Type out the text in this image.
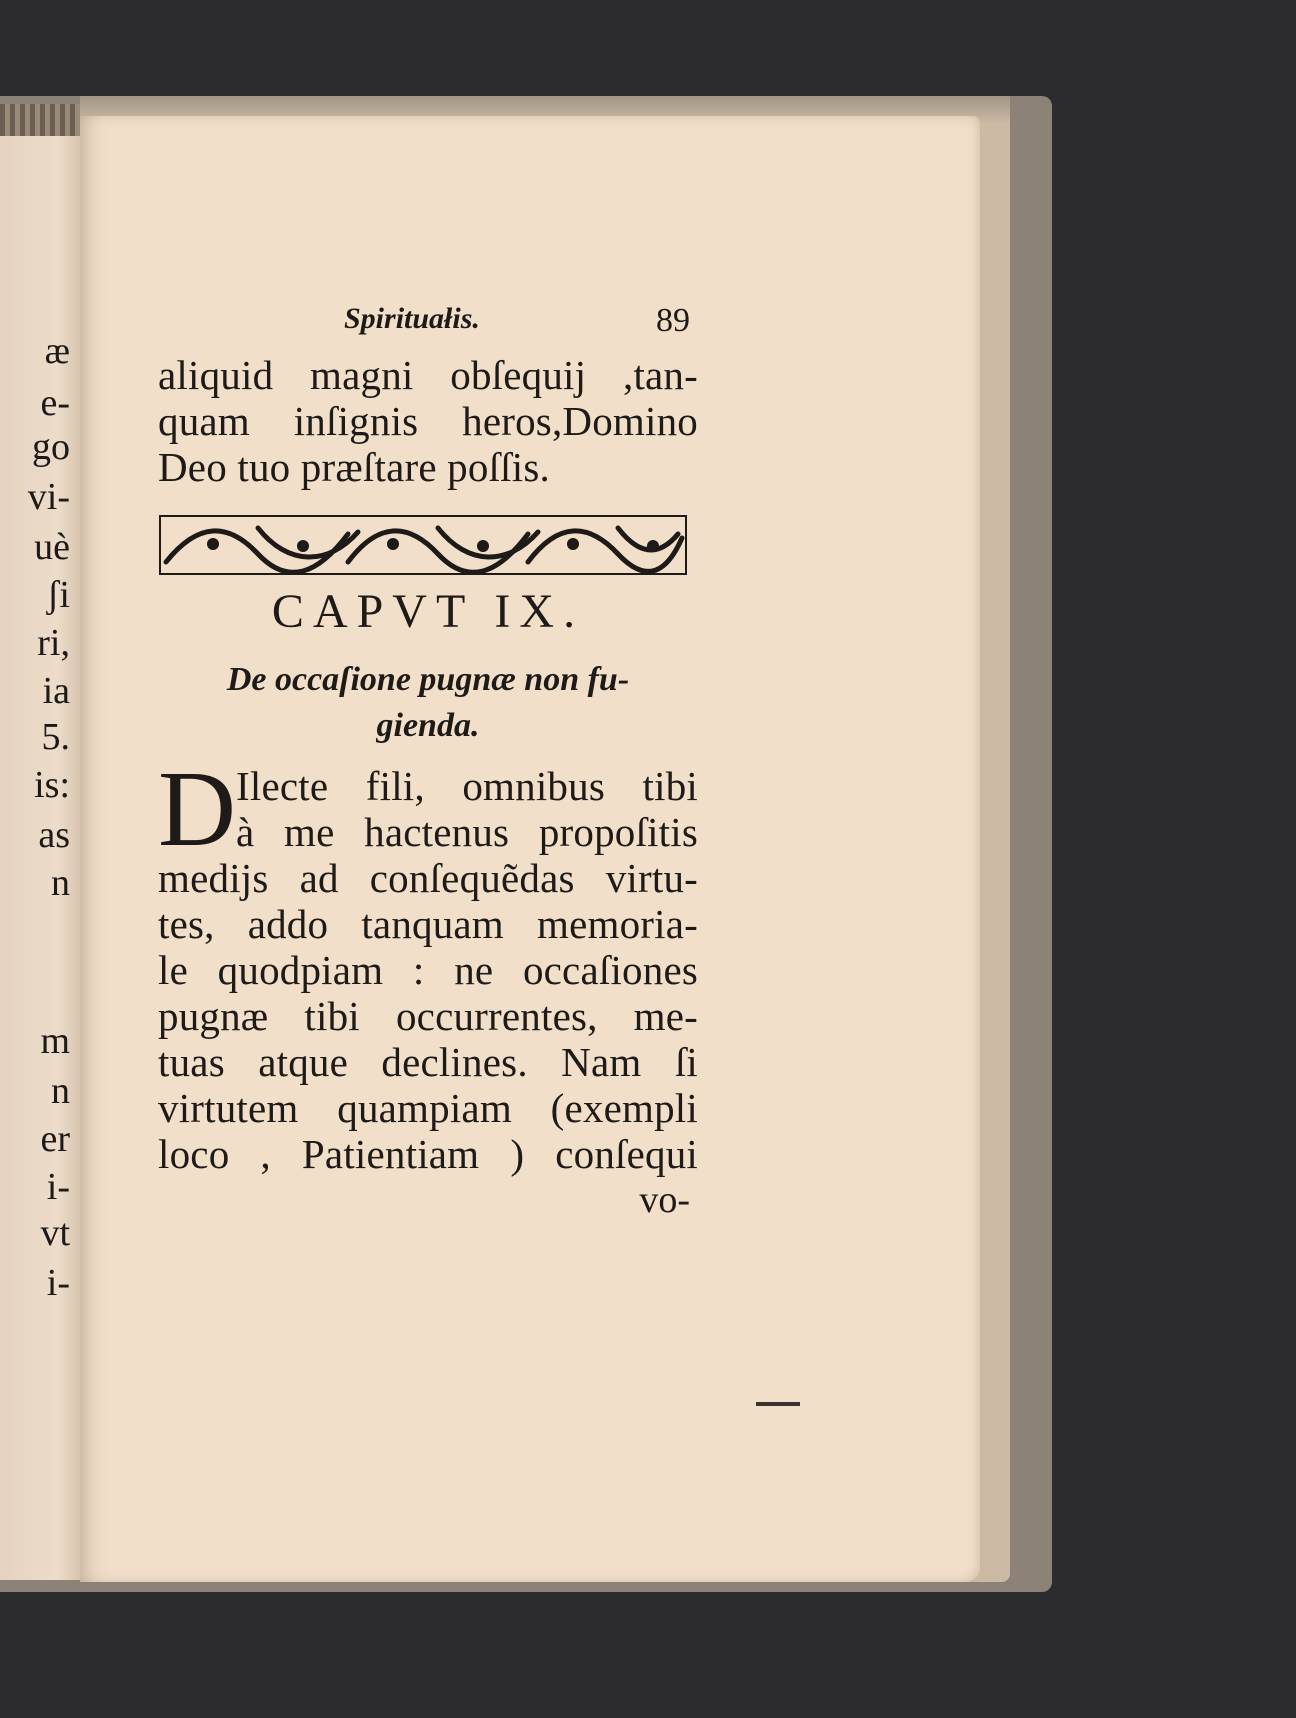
æ
e-
go
vi-
uè
ʃi
ri,
ia
5.
is:
as
n
m
n
er
i-
vt
i-
Spirituałis.	89
aliquid magni obſequij ,tan-
quam inſignis heros,Domino
Deo tuo præſtare poſſis.
CAPVT IX.
De occaſione pugnæ non fu-
gienda.
D Ilecte fili, omnibus tibi
à me hactenus propoſitis
medijs ad conſequẽdas virtu-
tes, addo tanquam memoria-
le quodpiam : ne occaſiones
pugnæ tibi occurrentes, me-
tuas atque declines. Nam ſi
virtutem quampiam (exempli
loco , Patientiam ) conſequi
vo-
